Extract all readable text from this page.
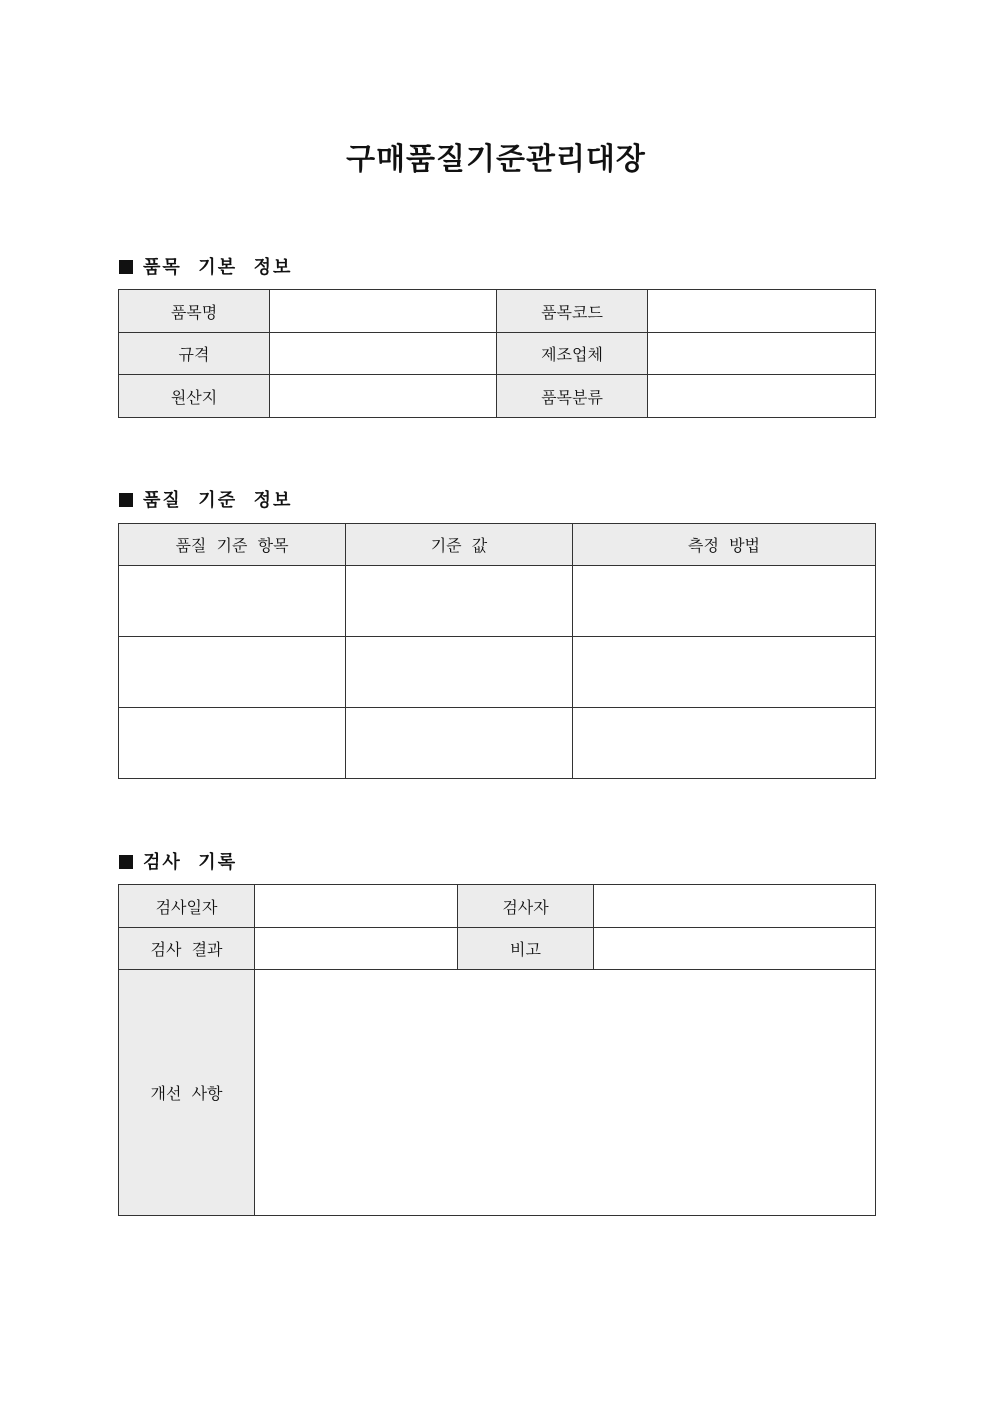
구매품질기준관리대장
품목  기본  정보
품목명		품목코드	
규격		제조업체	
원산지		품목분류	
품질  기준  정보
품질  기준  항목	기준  값	측정  방법

검사  기록
검사일자		검사자	
검사  결과		비고	
개선  사항			
